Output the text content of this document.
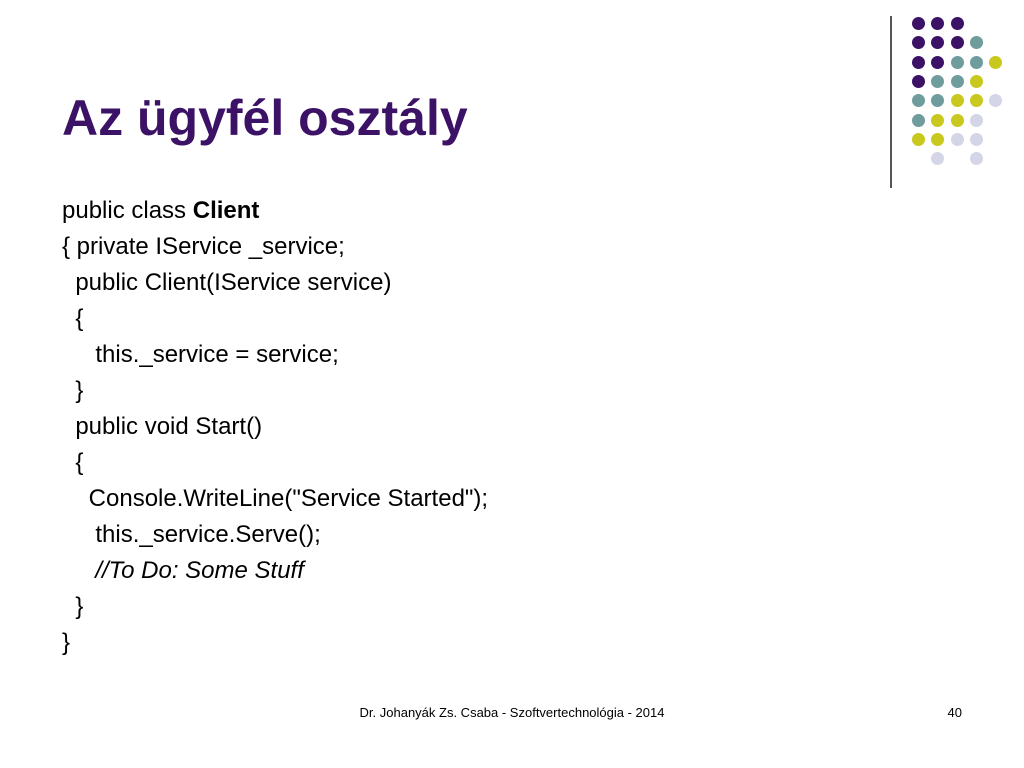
Az ügyfél osztály
public class Client
{ private IService _service;
public Client(IService service)
{
this._service = service;
}
public void Start()
{
Console.WriteLine("Service Started");
this._service.Serve();
//To Do: Some Stuff
}
}
Dr. Johanyák Zs. Csaba - Szoftvertechnológia - 2014	40
